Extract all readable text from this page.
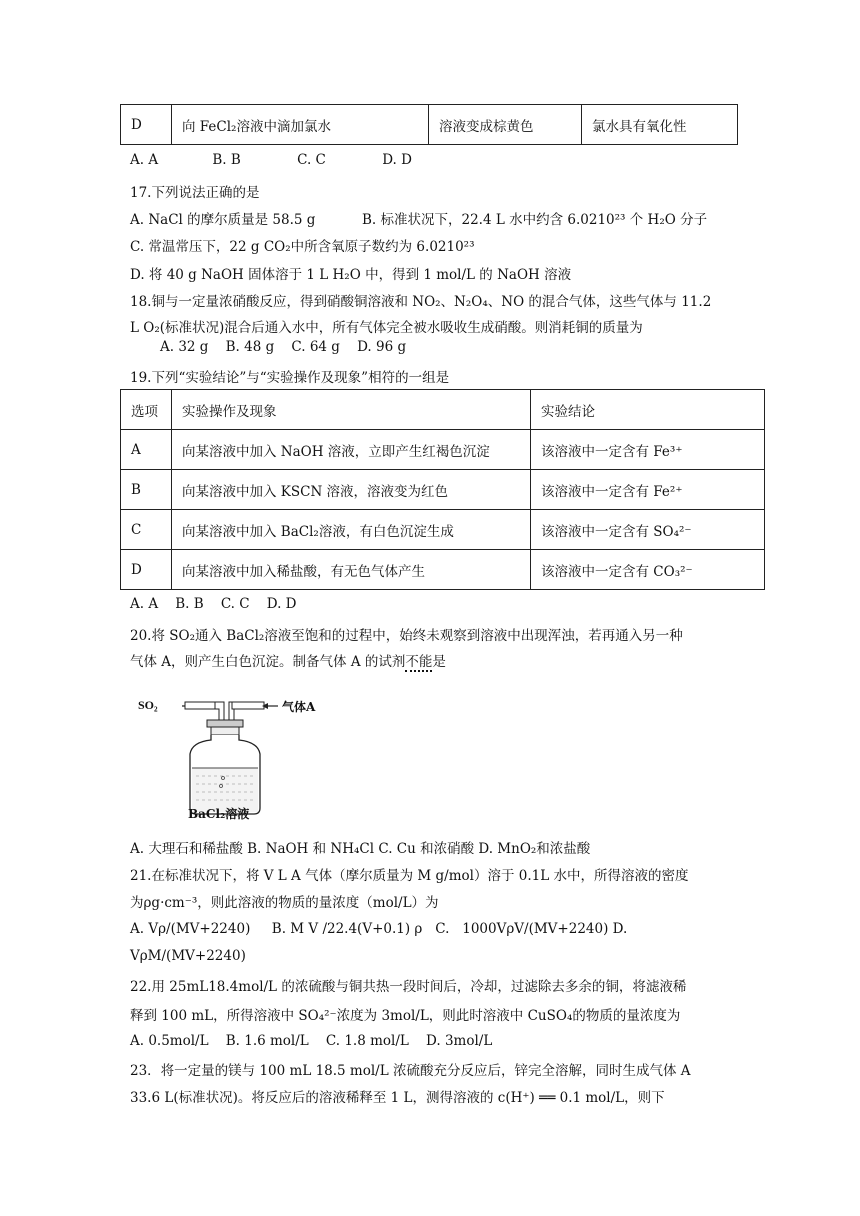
D	向 FeCl₂溶液中滴加氯水	溶液变成棕黄色	氯水具有氧化性
A. A	B. B	C. C	D. D
17.下列说法正确的是
A. NaCl 的摩尔质量是 58.5 g	B. 标准状况下，22.4 L 水中约含 6.0210²³ 个 H₂O 分子
C. 常温常压下，22 g CO₂中所含氧原子数约为 6.0210²³
D. 将 40 g NaOH 固体溶于 1 L H₂O 中，得到 1 mol/L 的 NaOH 溶液
18.铜与一定量浓硝酸反应，得到硝酸铜溶液和 NO₂、N₂O₄、NO 的混合气体，这些气体与 11.2
L O₂(标准状况)混合后通入水中，所有气体完全被水吸收生成硝酸。则消耗铜的质量为
A. 32 g    B. 48 g    C. 64 g    D. 96 g
19.下列“实验结论”与“实验操作及现象”相符的一组是
选项	实验操作及现象	实验结论
A	向某溶液中加入 NaOH 溶液，立即产生红褐色沉淀	该溶液中一定含有 Fe³⁺
B	向某溶液中加入 KSCN 溶液，溶液变为红色	该溶液中一定含有 Fe²⁺
C	向某溶液中加入 BaCl₂溶液，有白色沉淀生成	该溶液中一定含有 SO₄²⁻
D	向某溶液中加入稀盐酸，有无色气体产生	该溶液中一定含有 CO₃²⁻
A. A    B. B    C. C    D. D
20.将 SO₂通入 BaCl₂溶液至饱和的过程中，始终未观察到溶液中出现浑浊，若再通入另一种
气体 A，则产生白色沉淀。制备气体 A 的试剂不能是
SO₂	气体A
BaCl₂溶液
A. 大理石和稀盐酸 B. NaOH 和 NH₄Cl C. Cu 和浓硝酸 D. MnO₂和浓盐酸
21.在标准状况下，将 V L A 气体（摩尔质量为 M g/mol）溶于 0.1L 水中，所得溶液的密度
为ρg·cm⁻³，则此溶液的物质的量浓度（mol/L）为
A. Vρ/(MV+2240)     B. M V /22.4(V+0.1) ρ   C.   1000VρV/(MV+2240) D.
VρM/(MV+2240)
22.用 25mL18.4mol/L 的浓硫酸与铜共热一段时间后，冷却，过滤除去多余的铜，将滤液稀
释到 100 mL，所得溶液中 SO₄²⁻浓度为 3mol/L，则此时溶液中 CuSO₄的物质的量浓度为
A. 0.5mol/L    B. 1.6 mol/L    C. 1.8 mol/L    D. 3mol/L
23．将一定量的镁与 100 mL 18.5 mol/L 浓硫酸充分反应后，锌完全溶解，同时生成气体 A
33.6 L(标准状况)。将反应后的溶液稀释至 1 L，测得溶液的 c(H⁺) ══ 0.1 mol/L，则下
